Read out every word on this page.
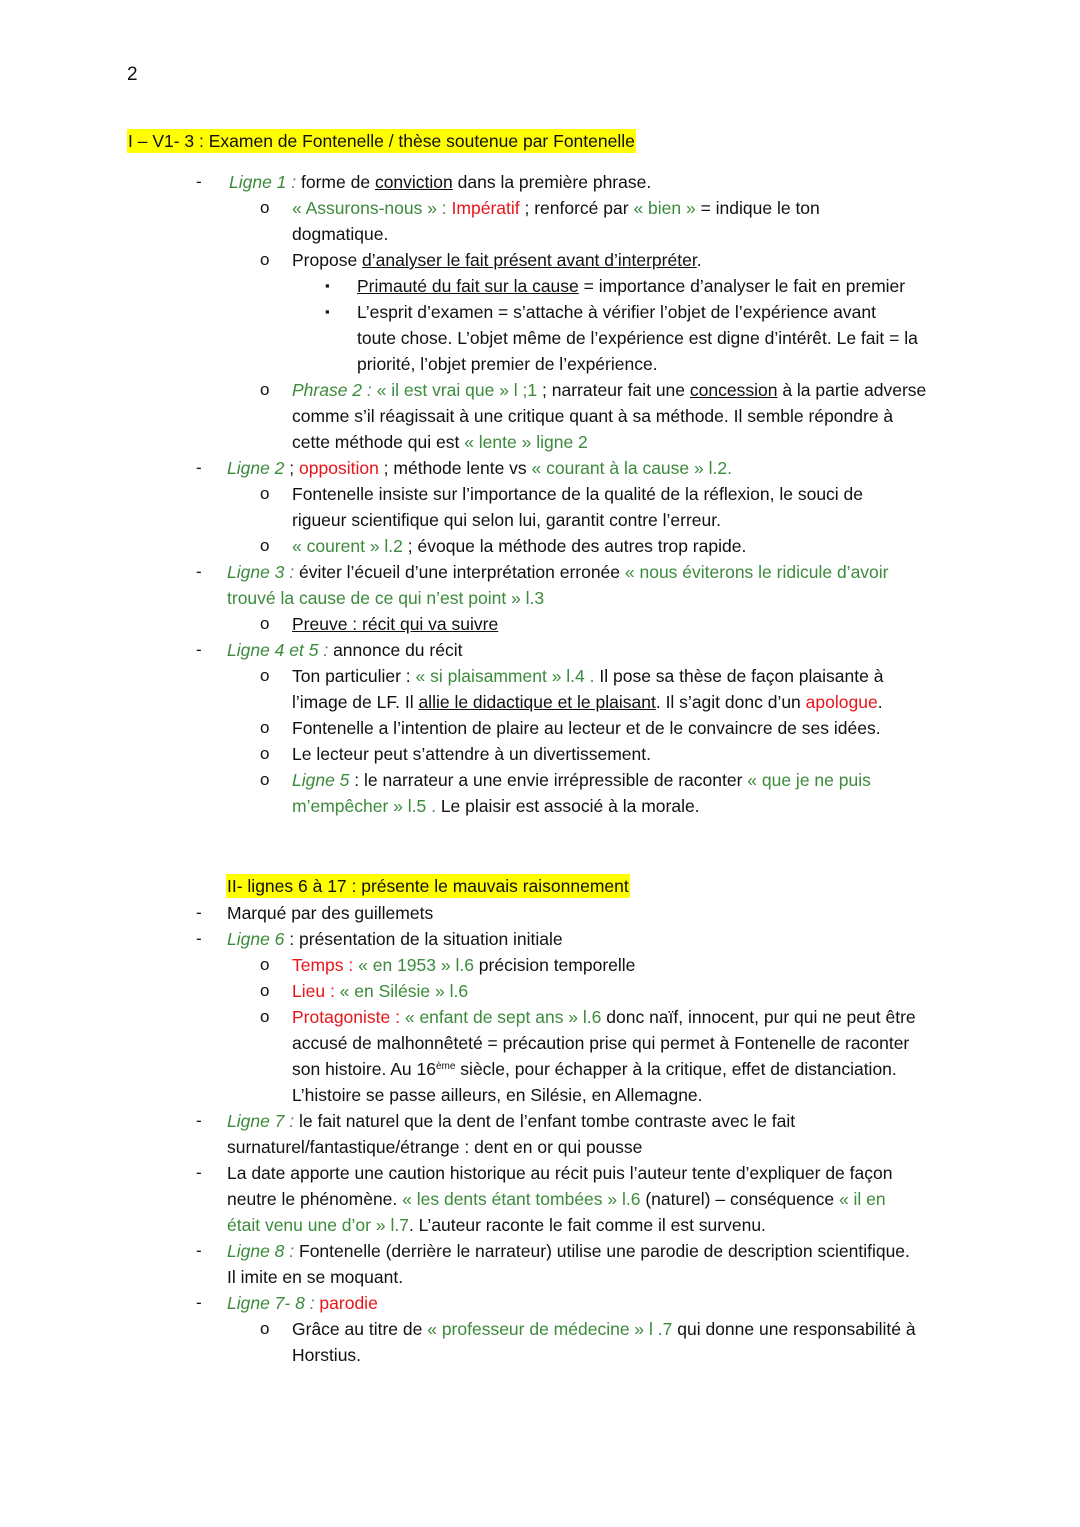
2
I – V1- 3 : Examen de Fontenelle / thèse soutenue par Fontenelle
- Ligne 1 : forme de conviction dans la première phrase.
o « Assurons-nous » : Impératif ; renforcé par « bien » = indique le ton
dogmatique.
o Propose d’analyser le fait présent avant d’interpréter.
▪ Primauté du fait sur la cause = importance d’analyser le fait en premier
▪ L’esprit d’examen = s’attache à vérifier l’objet de l’expérience avant
toute chose. L’objet même de l’expérience est digne d’intérêt. Le fait = la
priorité, l’objet premier de l’expérience.
o Phrase 2 : « il est vrai que » l ;1 ; narrateur fait une concession à la partie adverse
comme s’il réagissait à une critique quant à sa méthode. Il semble répondre à
cette méthode qui est « lente » ligne 2
- Ligne 2 ; opposition ; méthode lente vs « courant à la cause » l.2.
o Fontenelle insiste sur l’importance de la qualité de la réflexion, le souci de
rigueur scientifique qui selon lui, garantit contre l’erreur.
o « courent » l.2 ; évoque la méthode des autres trop rapide.
- Ligne 3 : éviter l’écueil d’une interprétation erronée « nous éviterons le ridicule d’avoir
trouvé la cause de ce qui n’est point » l.3
o Preuve : récit qui va suivre
- Ligne 4 et 5 : annonce du récit
o Ton particulier : « si plaisamment » l.4 . Il pose sa thèse de façon plaisante à
l’image de LF. Il allie le didactique et le plaisant. Il s’agit donc d’un apologue.
o Fontenelle a l’intention de plaire au lecteur et de le convaincre de ses idées.
o Le lecteur peut s’attendre à un divertissement.
o Ligne 5 : le narrateur a une envie irrépressible de raconter « que je ne puis
m’empêcher » l.5 . Le plaisir est associé à la morale.
II- lignes 6 à 17 : présente le mauvais raisonnement
- Marqué par des guillemets
- Ligne 6 : présentation de la situation initiale
o Temps : « en 1953 » l.6 précision temporelle
o Lieu : « en Silésie » l.6
o Protagoniste : « enfant de sept ans » l.6 donc naïf, innocent, pur qui ne peut être
accusé de malhonnêteté = précaution prise qui permet à Fontenelle de raconter
son histoire. Au 16ème siècle, pour échapper à la critique, effet de distanciation.
L’histoire se passe ailleurs, en Silésie, en Allemagne.
- Ligne 7 : le fait naturel que la dent de l’enfant tombe contraste avec le fait
surnaturel/fantastique/étrange : dent en or qui pousse
- La date apporte une caution historique au récit puis l’auteur tente d’expliquer de façon
neutre le phénomène. « les dents étant tombées » l.6 (naturel) – conséquence « il en
était venu une d’or » l.7. L’auteur raconte le fait comme il est survenu.
- Ligne 8 : Fontenelle (derrière le narrateur) utilise une parodie de description scientifique.
Il imite en se moquant.
- Ligne 7- 8 : parodie
o Grâce au titre de « professeur de médecine » l .7 qui donne une responsabilité à
Horstius.
